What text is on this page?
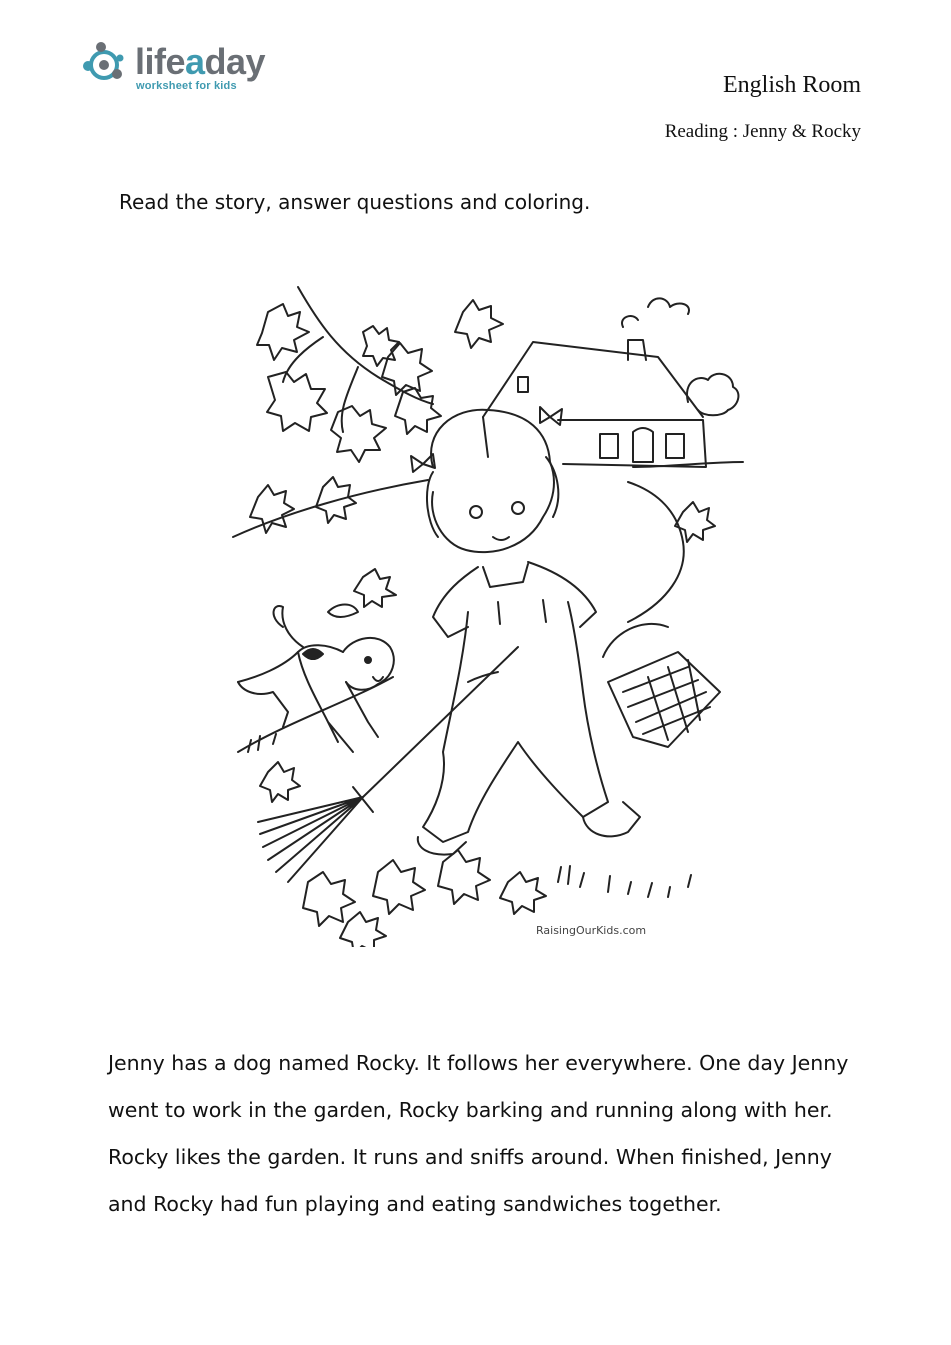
lifeaday
worksheet for kids	English Room
Reading : Jenny & Rocky
Read the story, answer questions and coloring.
RaisingOurKids.com
Jenny has a dog named Rocky. It follows her everywhere. One day Jenny
went to work in the garden, Rocky barking and running along with her.
Rocky likes the garden. It runs and sniffs around. When finished, Jenny
and Rocky had fun playing and eating sandwiches together.
